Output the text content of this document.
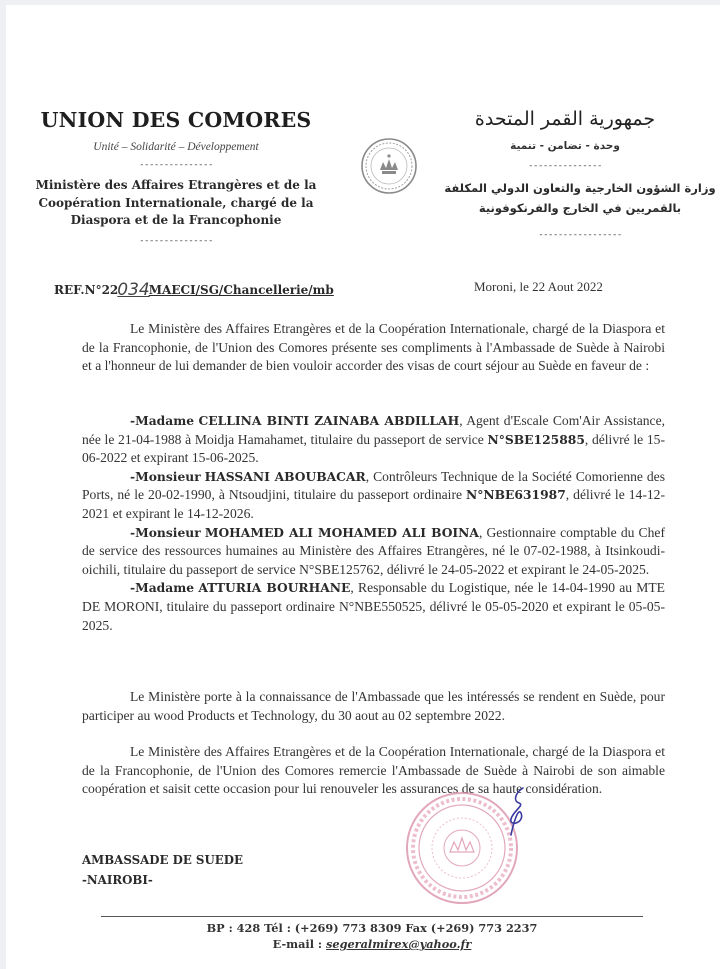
UNION DES COMORES
Unité – Solidarité – Développement
---------------
Ministère des Affaires Etrangères et de la
Coopération Internationale, chargé de la
Diaspora et de la Francophonie
---------------
جمهورية القمر المتحدة
وحدة - تضامن - تنمية
---------------
وزارة الشؤون الخارجية والتعاون الدولي المكلفة
بالقمريين في الخارج والفرنكوفونية
-----------------
REF.N°22034MAECI/SG/Chancellerie/mb	Moroni, le 22 Aout 2022
Le Ministère des Affaires Etrangères et de la Coopération Internationale, chargé de la Diaspora et de la Francophonie, de l'Union des Comores présente ses compliments à l'Ambassade de Suède à Nairobi et a l'honneur de lui demander de bien vouloir accorder des visas de court séjour au Suède en faveur de :

-Madame CELLINA BINTI ZAINABA ABDILLAH, Agent d'Escale Com'Air Assistance, née le 21-04-1988 à Moidja Hamahamet, titulaire du passeport de service N°SBE125885, délivré le 15-06-2022 et expirant 15-06-2025.

-Monsieur HASSANI ABOUBACAR, Contrôleurs Technique de la Société Comorienne des Ports, né le 20-02-1990, à Ntsoudjini, titulaire du passeport ordinaire N°NBE631987, délivré le 14-12-2021 et expirant le 14-12-2026.

-Monsieur MOHAMED ALI MOHAMED ALI BOINA, Gestionnaire comptable du Chef de service des ressources humaines au Ministère des Affaires Etrangères, né le 07-02-1988, à Itsinkoudi-oichili, titulaire du passeport de service N°SBE125762, délivré le 24-05-2022 et expirant le 24-05-2025.

-Madame ATTURIA BOURHANE, Responsable du Logistique, née le 14-04-1990 au MTE DE MORONI, titulaire du passeport ordinaire N°NBE550525, délivré le 05-05-2020 et expirant le 05-05-2025.

Le Ministère porte à la connaissance de l'Ambassade que les intéressés se rendent en Suède, pour participer au wood Products et Technology, du 30 aout au 02 septembre 2022.
Le Ministère des Affaires Etrangères et de la Coopération Internationale, chargé de la Diaspora et de la Francophonie, de l'Union des Comores remercie l'Ambassade de Suède à Nairobi de son aimable coopération et saisit cette occasion pour lui renouveler les assurances de sa haute considération.
AMBASSADE DE SUEDE
-NAIROBI-
BP : 428 Tél : (+269) 773 8309 Fax (+269) 773 2237
E-mail : segeralmirex@yahoo.fr
